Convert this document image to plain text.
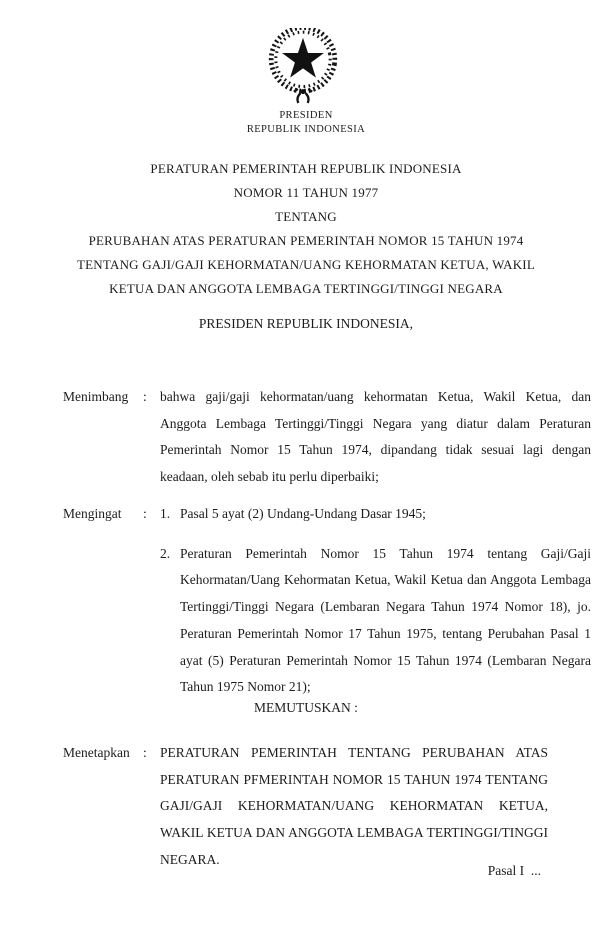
PRESIDEN
REPUBLIK INDONESIA
PERATURAN PEMERINTAH REPUBLIK INDONESIA
NOMOR 11 TAHUN 1977
TENTANG
PERUBAHAN ATAS PERATURAN PEMERINTAH NOMOR 15 TAHUN 1974
TENTANG GAJI/GAJI KEHORMATAN/UANG KEHORMATAN KETUA, WAKIL
KETUA DAN ANGGOTA LEMBAGA TERTINGGI/TINGGI NEGARA
PRESIDEN REPUBLIK INDONESIA,
Menimbang	: bahwa gaji/gaji kehormatan/uang kehormatan Ketua, Wakil Ketua, dan Anggota Lembaga Tertinggi/Tinggi Negara yang diatur dalam Peraturan Pemerintah Nomor 15 Tahun 1974, dipandang tidak sesuai lagi dengan keadaan, oleh sebab itu perlu diperbaiki;
Mengingat	: 1. Pasal 5 ayat (2) Undang-Undang Dasar 1945;
2. Peraturan Pemerintah Nomor 15 Tahun 1974 tentang Gaji/Gaji Kehormatan/Uang Kehormatan Ketua, Wakil Ketua dan Anggota Lembaga Tertinggi/Tinggi Negara (Lembaran Negara Tahun 1974 Nomor 18), jo. Peraturan Pemerintah Nomor 17 Tahun 1975, tentang Perubahan Pasal 1 ayat (5) Peraturan Pemerintah Nomor 15 Tahun 1974 (Lembaran Negara Tahun 1975 Nomor 21);
MEMUTUSKAN :
Menetapkan : PERATURAN PEMERINTAH TENTANG PERUBAHAN ATAS PERATURAN PFMERINTAH NOMOR 15 TAHUN 1974 TENTANG GAJI/GAJI KEHORMATAN/UANG KEHORMATAN KETUA, WAKIL KETUA DAN ANGGOTA LEMBAGA TERTINGGI/TINGGI NEGARA.
Pasal I  ...
